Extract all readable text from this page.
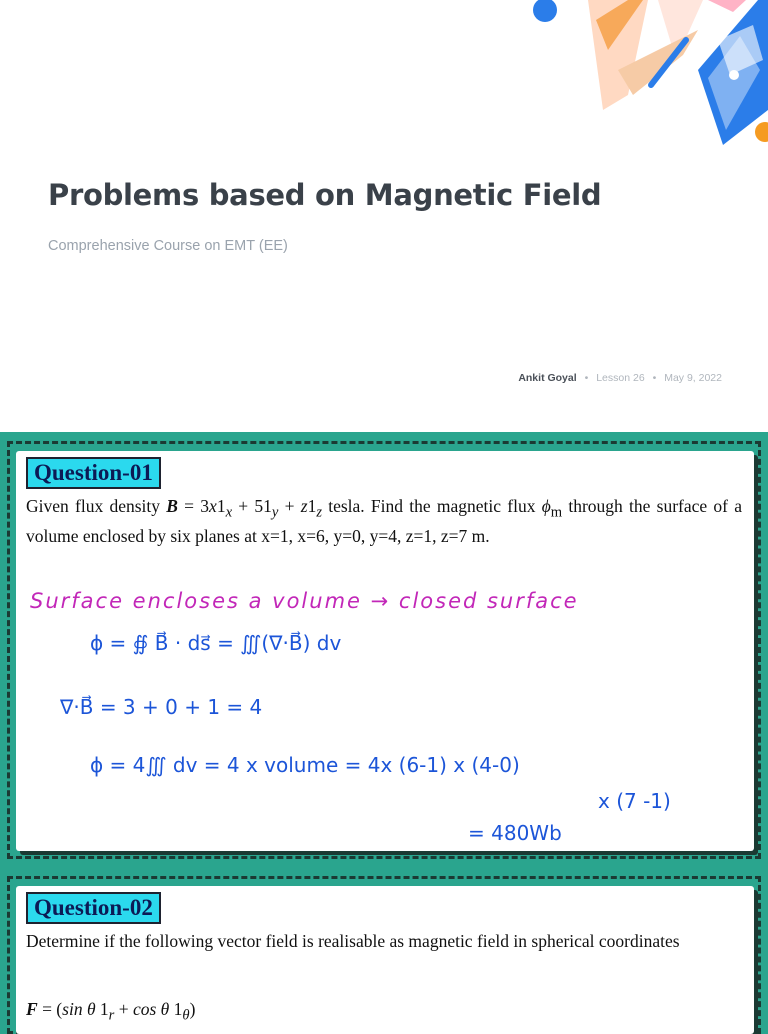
Problems based on Magnetic Field
Comprehensive Course on EMT (EE)
Ankit Goyal • Lesson 26 • May 9, 2022
Question-01
Given flux density $B = 3x1_x + 51_y + z1_z$ tesla. Find the magnetic flux $\phi_m$ through the surface of a volume enclosed by six planes at x=1, x=6, y=0, y=4, z=1, z=7 m.
Surface encloses a volume → closed surface
ϕ = ∯ B⃗ · ds⃗ = ∭(∇·B⃗) dv
∇·B⃗ = 3 + 0 + 1 = 4
ϕ = 4∭ dv = 4 x volume = 4x (6-1) x (4-0)
x (7 -1)
= 480Wb
Question-02
Determine if the following vector field is realisable as magnetic field in spherical coordinates
F = (sin θ $1_r + \cos \theta$ $1_\theta$)
